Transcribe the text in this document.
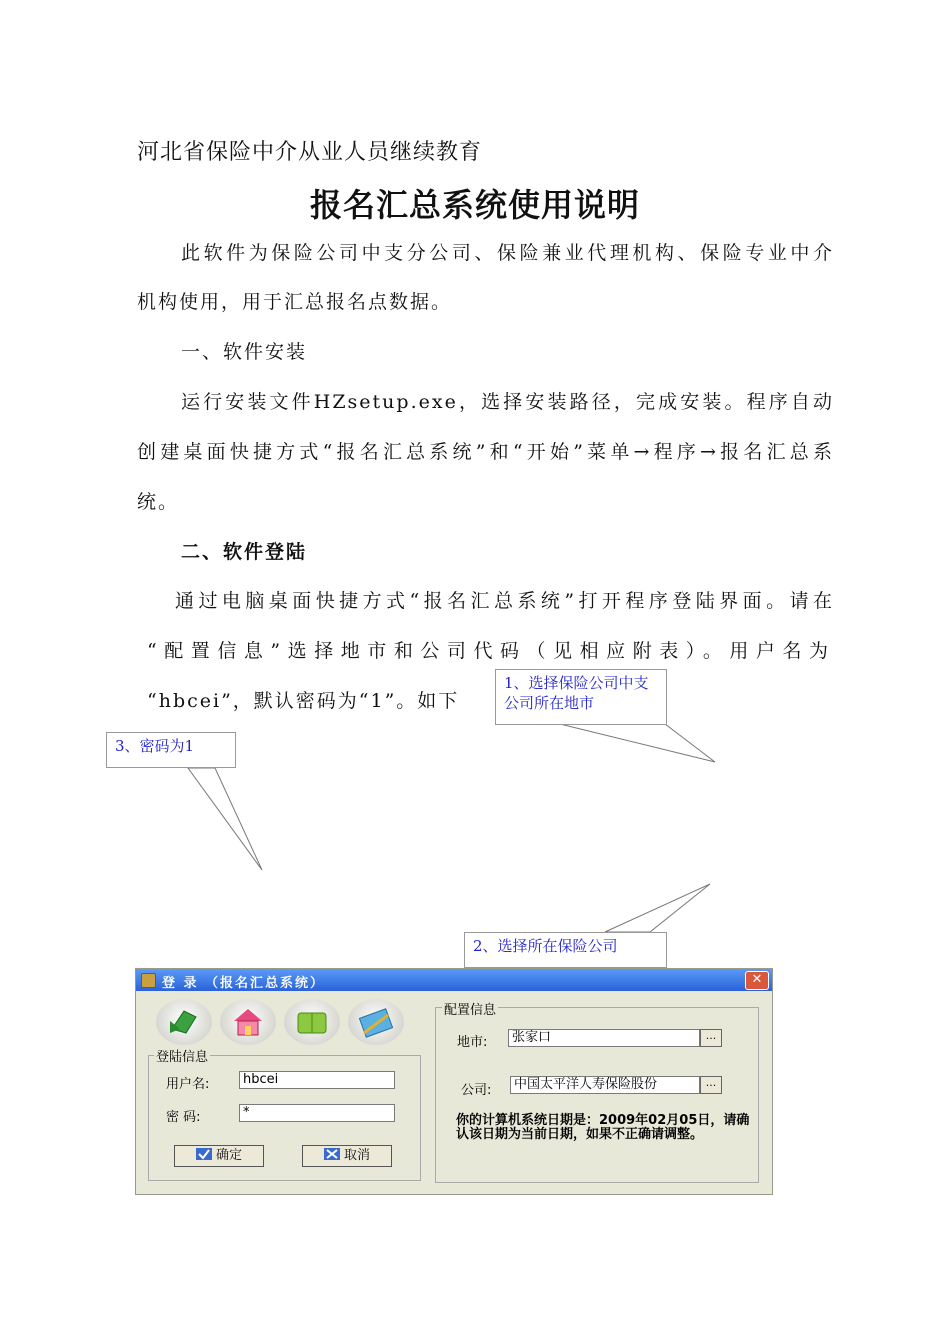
河北省保险中介从业人员继续教育
报名汇总系统使用说明
此软件为保险公司中支分公司、保险兼业代理机构、保险专业中介
机构使用，用于汇总报名点数据。
一、软件安装
运行安装文件HZsetup.exe，选择安装路径，完成安装。程序自动
创建桌面快捷方式“报名汇总系统”和“开始”菜单→程序→报名汇总系
统。
二、软件登陆
通过电脑桌面快捷方式“报名汇总系统”打开程序登陆界面。请在
“配置信息”选择地市和公司代码（见相应附表）。用户名为
“hbcei”，默认密码为“1”。如下
1、选择保险公司中支公司所在地市
3、密码为1
2、选择所在保险公司
登 录 （报名汇总系统）	✕
登陆信息
用户名:	hbcei
密 码:	*
确定	取消
配置信息
地市:	张家口	...
公司:	中国太平洋人寿保险股份	...
你的计算机系统日期是：2009年02月05日，请确认该日期为当前日期，如果不正确请调整。
